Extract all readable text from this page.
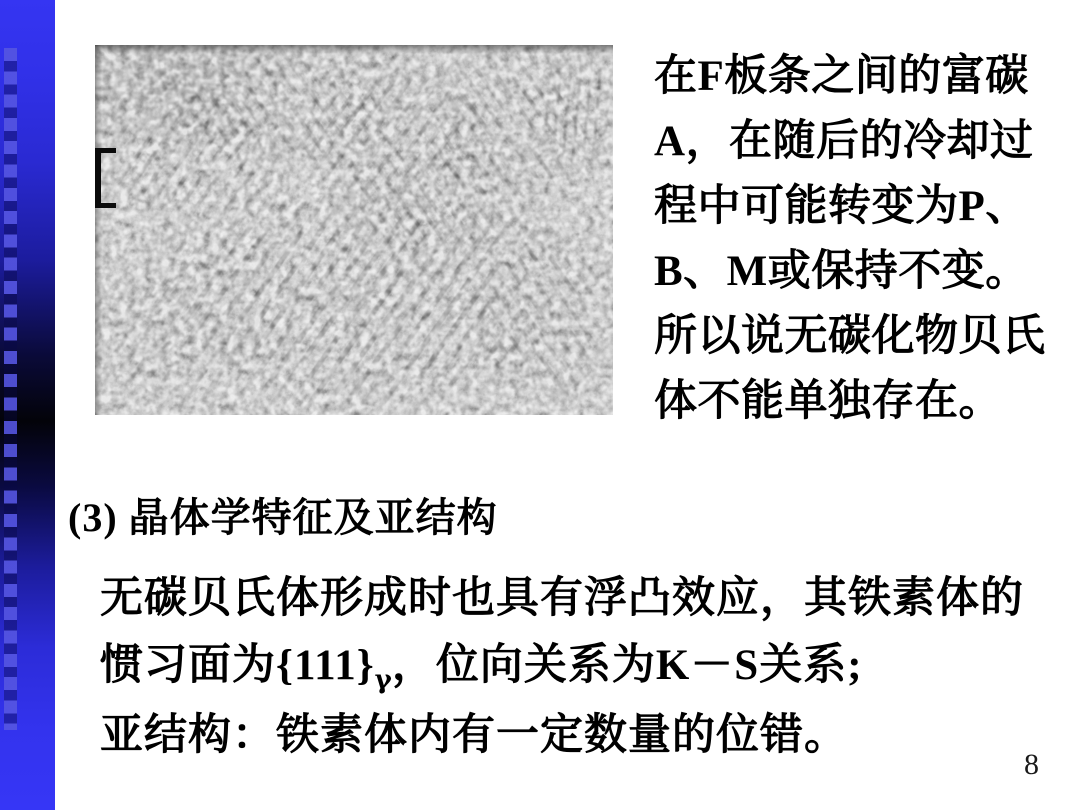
在F板条之间的富碳
A，在随后的冷却过
程中可能转变为P、
B、M或保持不变。
所以说无碳化物贝氏
体不能单独存在。
(3) 晶体学特征及亚结构
无碳贝氏体形成时也具有浮凸效应，其铁素体的
惯习面为$\{111\}_\gamma$，位向关系为K－S关系;
亚结构：铁素体内有一定数量的位错。
8
